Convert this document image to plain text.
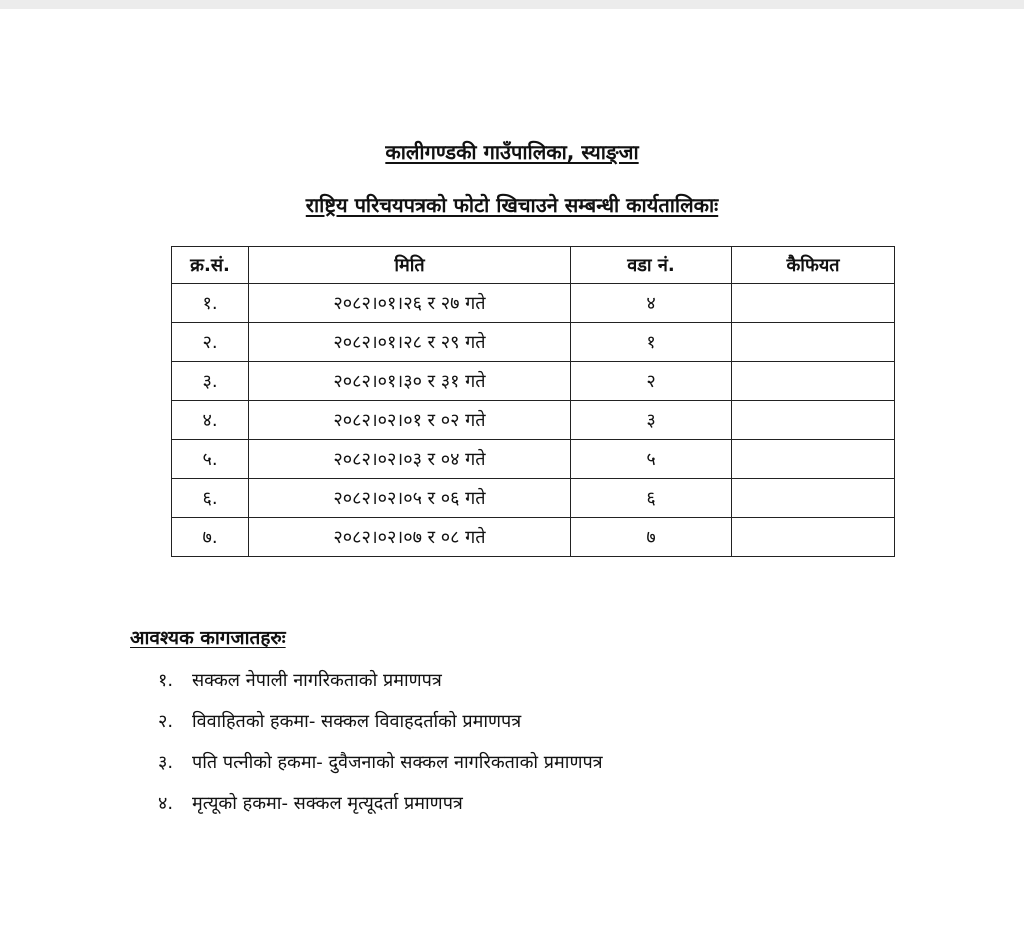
कालीगण्डकी गाउँपालिका, स्याङ्जा
राष्ट्रिय परिचयपत्रको फोटो खिचाउने सम्बन्धी कार्यतालिकाः
क्र.सं.	मिति	वडा नं.	कैफियत
१.	२०८२।०१।२६ र २७ गते	४	
२.	२०८२।०१।२८ र २९ गते	१	
३.	२०८२।०१।३० र ३१ गते	२	
४.	२०८२।०२।०१ र ०२ गते	३	
५.	२०८२।०२।०३ र ०४ गते	५	
६.	२०८२।०२।०५ र ०६ गते	६	
७.	२०८२।०२।०७ र ०८ गते	७	
आवश्यक कागजातहरुः
१. सक्कल नेपाली नागरिकताको प्रमाणपत्र
२. विवाहितको हकमा- सक्कल विवाहदर्ताको प्रमाणपत्र
३. पति पत्नीको हकमा- दुवैजनाको सक्कल नागरिकताको प्रमाणपत्र
४. मृत्यूको हकमा- सक्कल मृत्यूदर्ता प्रमाणपत्र
